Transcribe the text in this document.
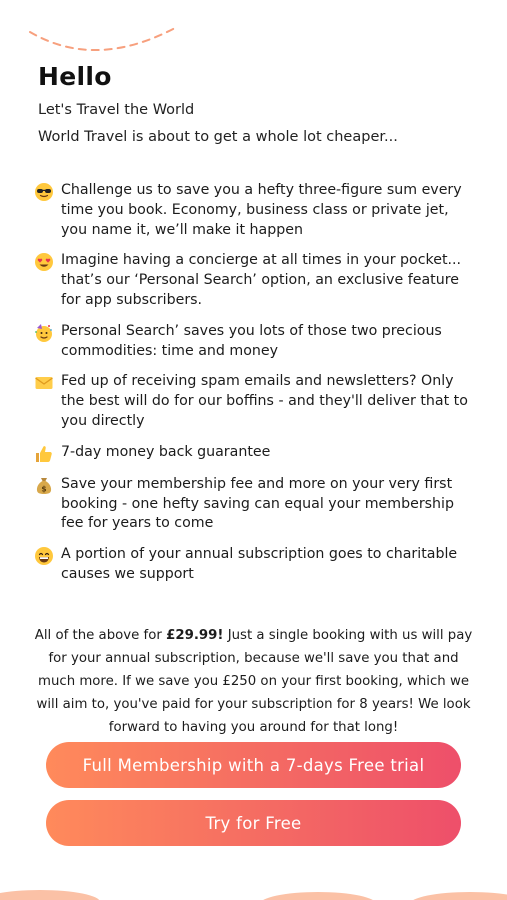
Hello
Let's Travel the World
World Travel is about to get a whole lot cheaper...
Challenge us to save you a hefty three-figure sum every
time you book. Economy, business class or private jet,
you name it, we’ll make it happen
Imagine having a concierge at all times in your pocket...
that’s our ‘Personal Search’ option, an exclusive feature
for app subscribers.
Personal Search’ saves you lots of those two precious
commodities: time and money
Fed up of receiving spam emails and newsletters? Only
the best will do for our boffins - and they'll deliver that to
you directly
7-day money back guarantee
$ Save your membership fee and more on your very first
booking - one hefty saving can equal your membership
fee for years to come
A portion of your annual subscription goes to charitable
causes we support

All of the above for £29.99! Just a single booking with us will pay for your annual subscription, because we'll save you that and much more. If we save you £250 on your first booking, which we will aim to, you've paid for your subscription for 8 years! We look forward to having you around for that long!

Full Membership with a 7-days Free trial
Try for Free
